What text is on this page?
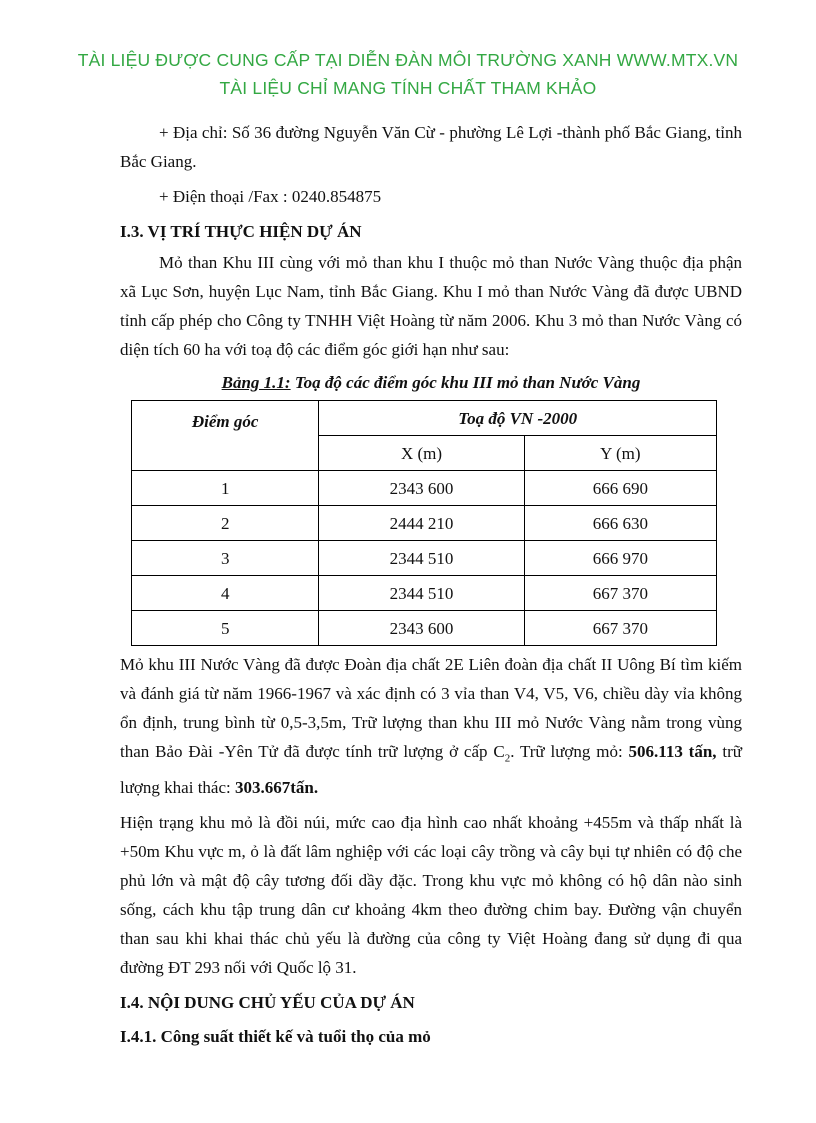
TÀI LIỆU ĐƯỢC CUNG CẤP TẠI DIỄN ĐÀN MÔI TRƯỜNG XANH WWW.MTX.VN
TÀI LIỆU CHỈ MANG TÍNH CHẤT THAM KHẢO

+ Địa chỉ: Số 36 đường Nguyễn Văn Cừ - phường Lê Lợi -thành phố Bắc Giang, tỉnh Bắc Giang.

+ Điện thoại /Fax : 0240.854875

I.3. VỊ TRÍ THỰC HIỆN DỰ ÁN

Mỏ than Khu III cùng với mỏ than khu I thuộc mỏ than Nước Vàng thuộc địa phận xã Lục Sơn, huyện Lục Nam, tỉnh Bắc Giang. Khu I mỏ than Nước Vàng đã được UBND tỉnh cấp phép cho Công ty TNHH Việt Hoàng từ năm 2006. Khu 3 mỏ than Nước Vàng có diện tích 60 ha với toạ độ các điểm góc giới hạn như sau:

Bảng 1.1: Toạ độ các điểm góc khu III mỏ than Nước Vàng
Điểm góc	Toạ độ VN -2000	
	X (m)	Y (m)
1	2343 600	666 690
2	2444 210	666 630
3	2344 510	666 970
4	2344 510	667 370
5	2343 600	667 370

Mỏ khu III Nước Vàng đã được Đoàn địa chất 2E Liên đoàn địa chất II Uông Bí tìm kiếm và đánh giá từ năm 1966-1967 và xác định có 3 vỉa than V4, V5, V6, chiều dày vỉa không ổn định, trung bình từ 0,5-3,5m, Trữ lượng than khu III mỏ Nước Vàng nằm trong vùng than Bảo Đài -Yên Tử đã được tính trữ lượng ở cấp $C_2$. Trữ lượng mỏ: 506.113 tấn, trữ lượng khai thác: 303.667tấn.

Hiện trạng khu mỏ là đồi núi, mức cao địa hình cao nhất khoảng +455m và thấp nhất là +50m Khu vực m, ỏ là đất lâm nghiệp với các loại cây trồng và cây bụi tự nhiên có độ che phủ lớn và mật độ cây tương đối dầy đặc. Trong khu vực mỏ không có hộ dân nào sinh sống, cách khu tập trung dân cư khoảng 4km theo đường chim bay. Đường vận chuyển than sau khi khai thác chủ yếu là đường của công ty Việt Hoàng đang sử dụng đi qua đường ĐT 293 nối với Quốc lộ 31.

I.4. NỘI DUNG CHỦ YẾU CỦA DỰ ÁN
I.4.1. Công suất thiết kế và tuổi thọ của mỏ
